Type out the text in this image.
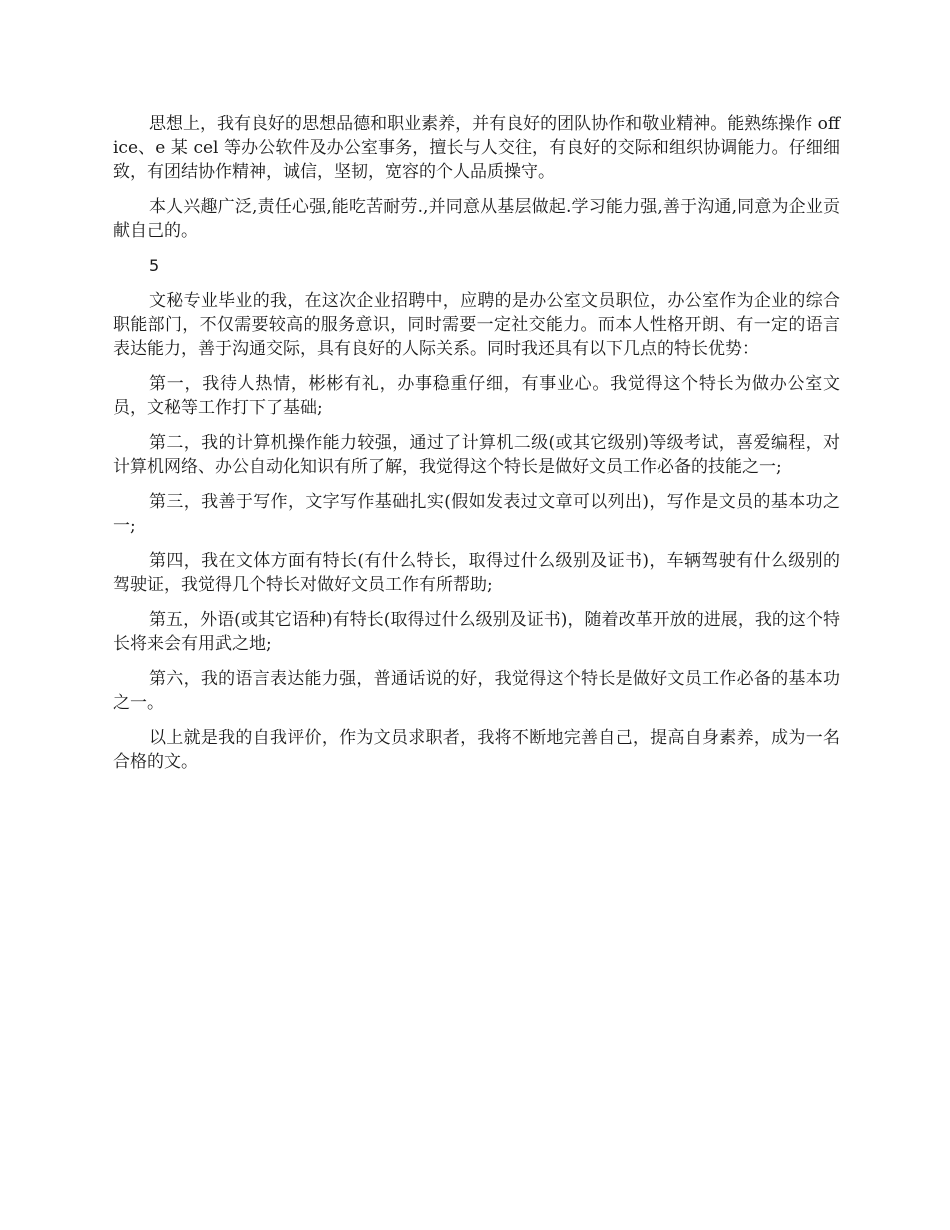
思想上，我有良好的思想品德和职业素养，并有良好的团队协作和敬业精神。能熟练操作 office、e 某 cel 等办公软件及办公室事务，擅长与人交往，有良好的交际和组织协调能力。仔细细致，有团结协作精神，诚信，坚韧，宽容的个人品质操守。

本人兴趣广泛,责任心强,能吃苦耐劳.,并同意从基层做起.学习能力强,善于沟通,同意为企业贡献自己的。

5

文秘专业毕业的我，在这次企业招聘中，应聘的是办公室文员职位，办公室作为企业的综合职能部门，不仅需要较高的服务意识，同时需要一定社交能力。而本人性格开朗、有一定的语言表达能力，善于沟通交际，具有良好的人际关系。同时我还具有以下几点的特长优势：

第一，我待人热情，彬彬有礼，办事稳重仔细，有事业心。我觉得这个特长为做办公室文员，文秘等工作打下了基础;

第二，我的计算机操作能力较强，通过了计算机二级(或其它级别)等级考试，喜爱编程，对计算机网络、办公自动化知识有所了解，我觉得这个特长是做好文员工作必备的技能之一;

第三，我善于写作，文字写作基础扎实(假如发表过文章可以列出)，写作是文员的基本功之一;

第四，我在文体方面有特长(有什么特长，取得过什么级别及证书)，车辆驾驶有什么级别的驾驶证，我觉得几个特长对做好文员工作有所帮助;

第五，外语(或其它语种)有特长(取得过什么级别及证书)，随着改革开放的进展，我的这个特长将来会有用武之地;

第六，我的语言表达能力强，普通话说的好，我觉得这个特长是做好文员工作必备的基本功之一。

以上就是我的自我评价，作为文员求职者，我将不断地完善自己，提高自身素养，成为一名合格的文。
